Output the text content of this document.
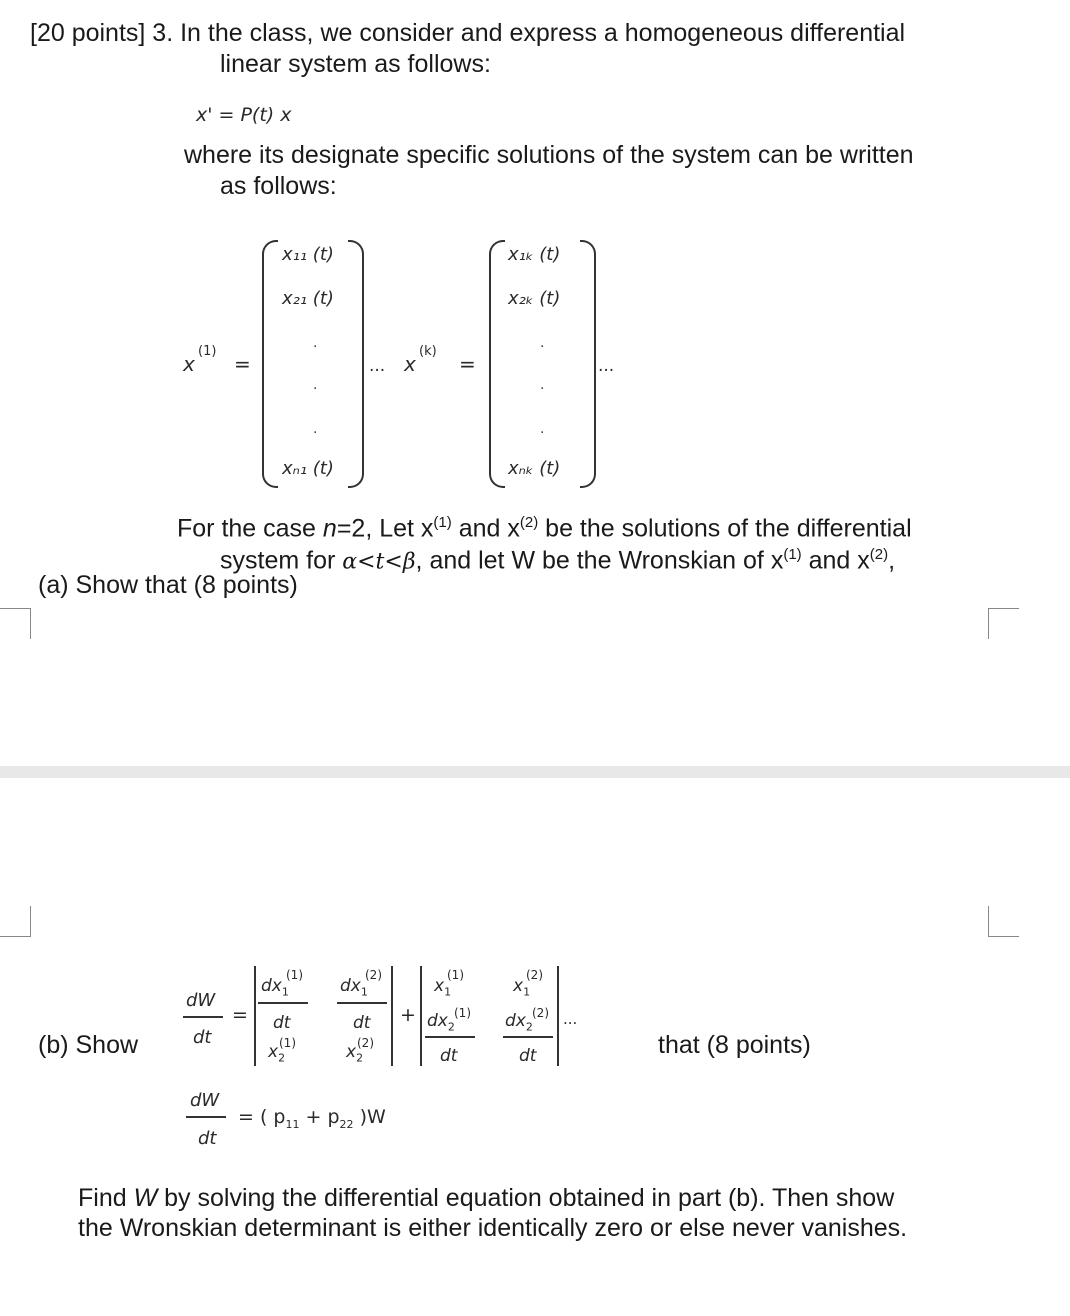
[20 points] 3. In the class, we consider and express a homogeneous differential
linear system as follows:
x' = P(t) x
where its designate specific solutions of the system can be written
as follows:
x
(1)
=
x₁₁ (t)
x₂₁ (t)
.
.
.
xₙ₁ (t)
... x
(k)
=
x₁ₖ (t)
x₂ₖ (t)
.
.
.
xₙₖ (t)
...
For the case n=2, Let $x^{(1)}$ and $x^{(2)}$ be the solutions of the differential
system for α<t<β, and let W be the Wronskian of $x^{(1)}$ and $x^{(2)}$,
(a) Show that (8 points)
(b) Show
dW
dt
=
$dx_1$
(1)
dt
$x_2$
(1)
$dx_1$
(2)
dt
$x_2$
(2)
+
$x_1$
(1)
$dx_2$
(1)
dt
$x_1$
(2)
$dx_2$
(2)
dt
...
that (8 points)
dW
dt
= ( $p_{11} + p_{22}$ )W
Find W by solving the differential equation obtained in part (b). Then show
the Wronskian determinant is either identically zero or else never vanishes.
